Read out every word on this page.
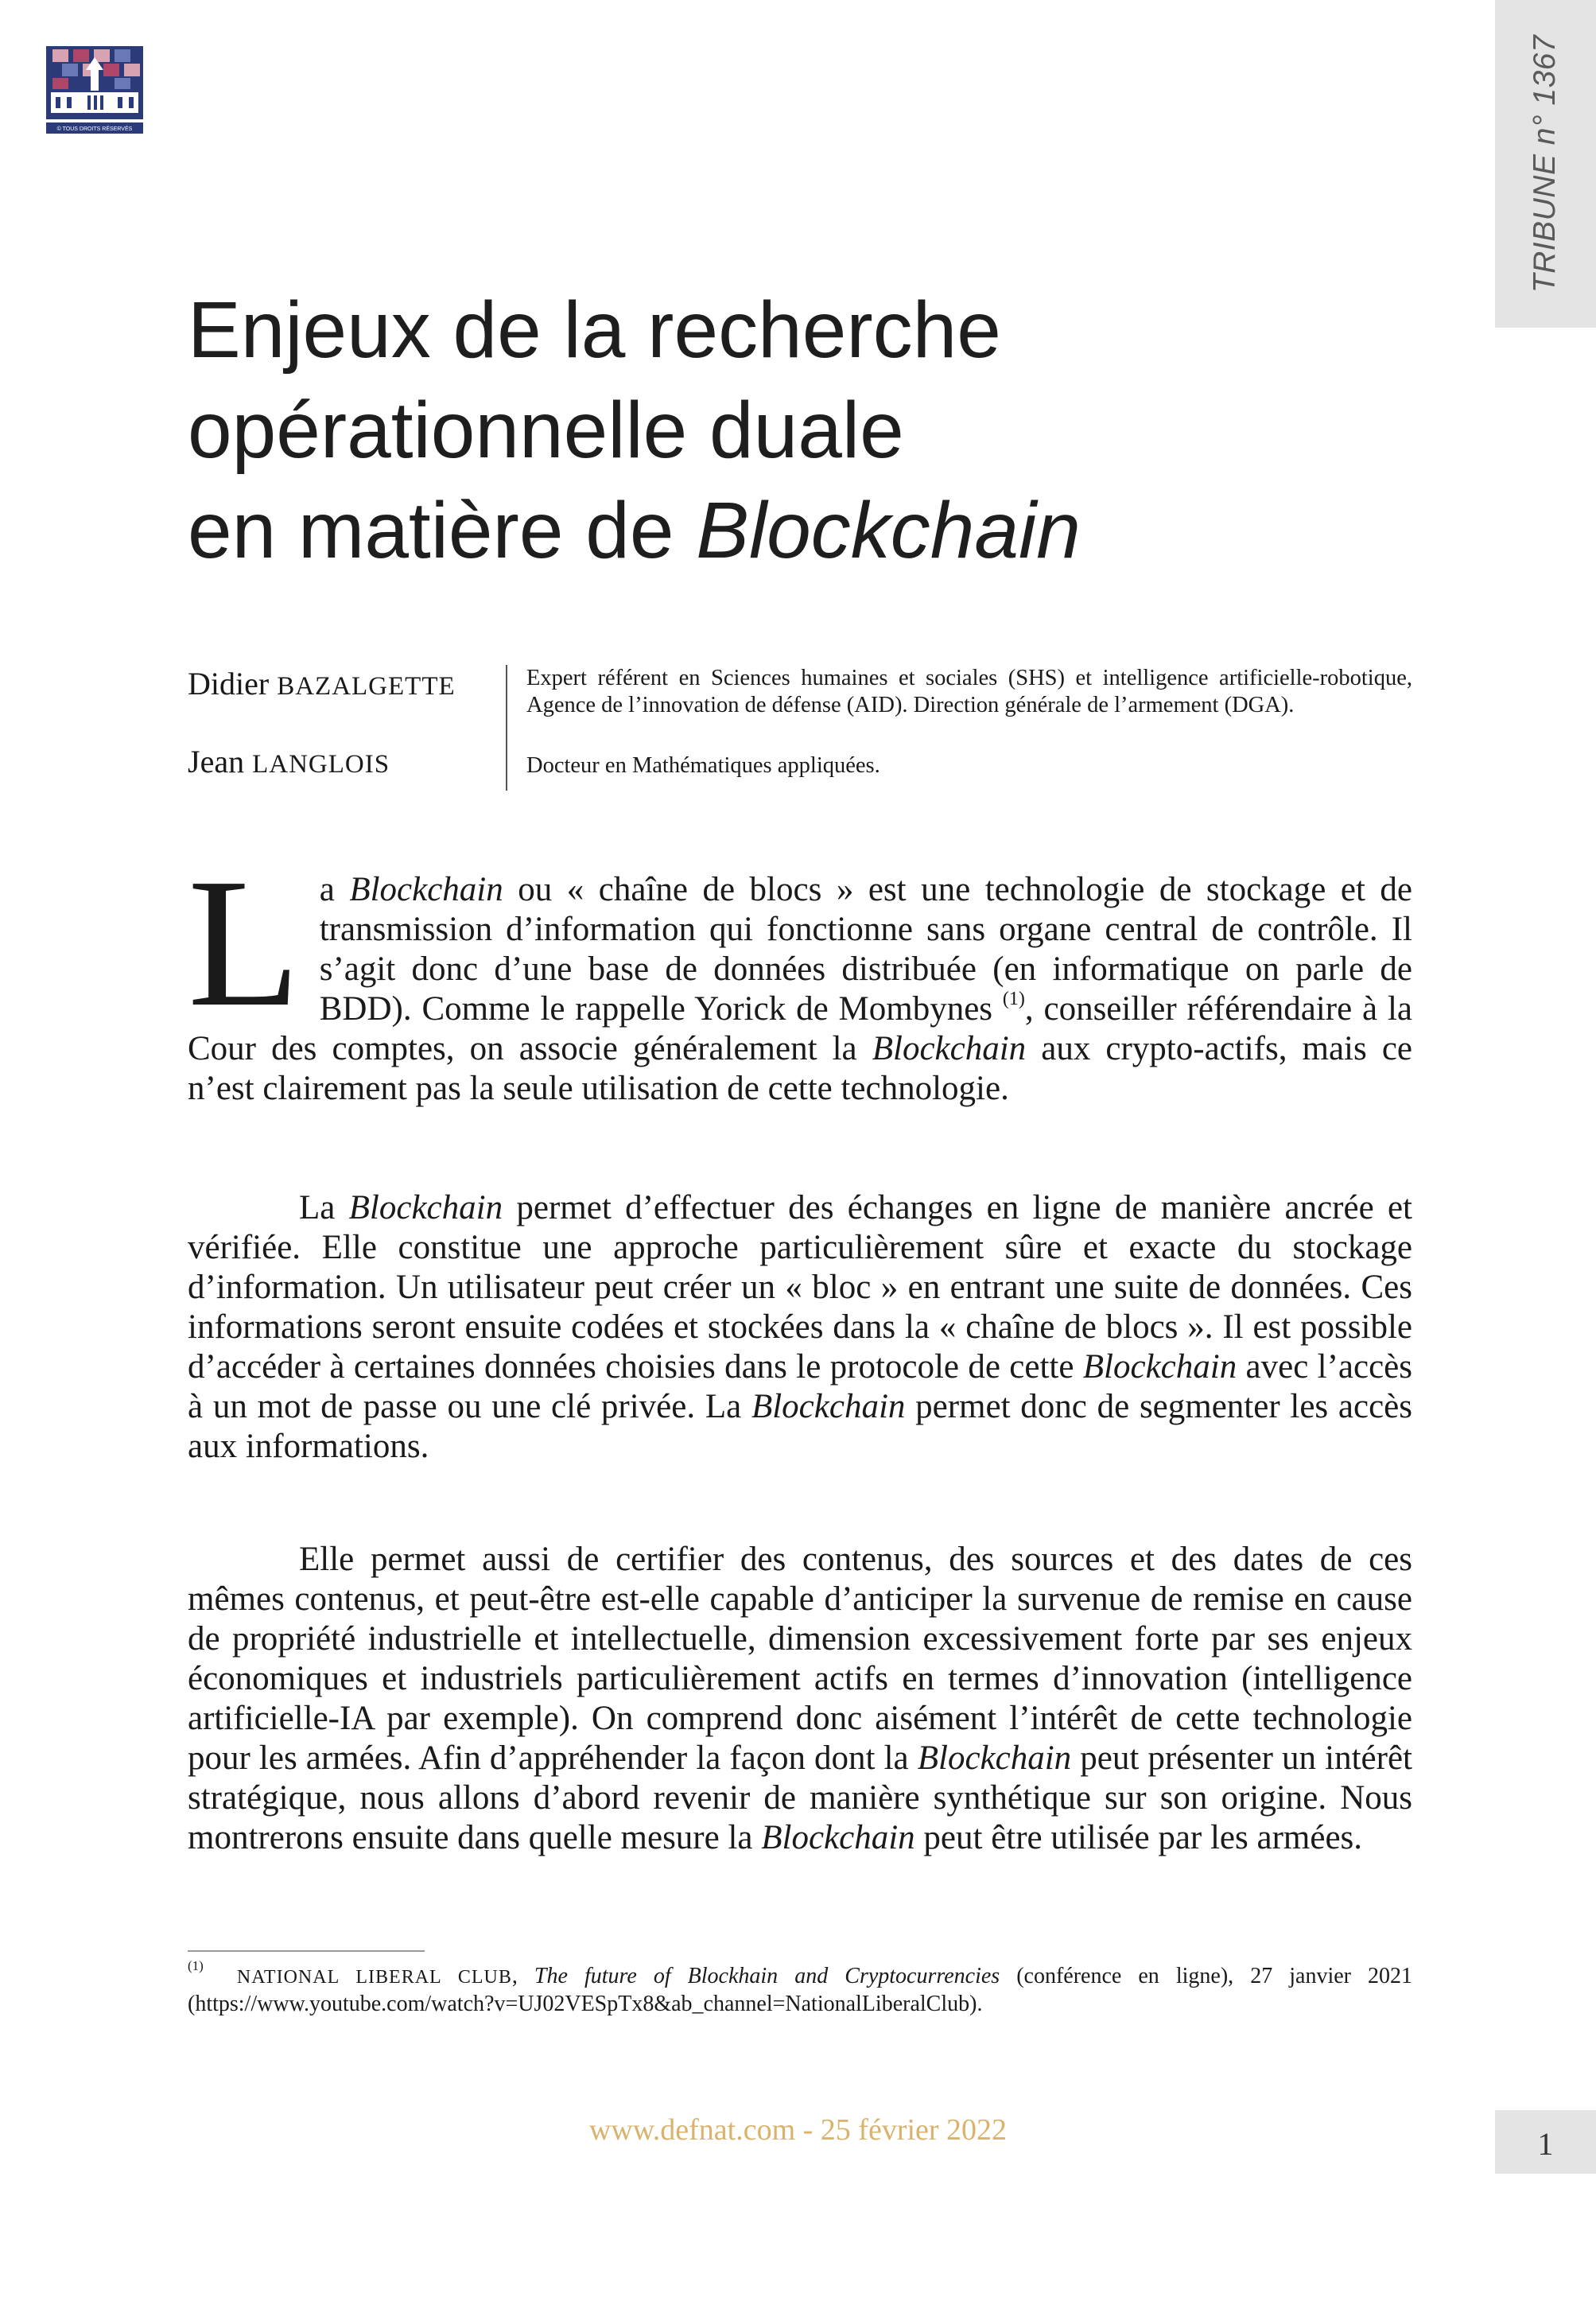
© TOUS DROITS RÉSERVÉS	TRIBUNE n° 1367
Enjeux de la recherche
opérationnelle duale
en matière de Blockchain
Didier BAZALGETTE
Jean LANGLOIS
Expert référent en Sciences humaines et sociales (SHS) et intelligence artificielle-robotique, Agence de l’innovation de défense (AID). Direction générale de l’armement (DGA).
Docteur en Mathématiques appliquées.

La Blockchain ou « chaîne de blocs » est une technologie de stockage et de transmission d’information qui fonctionne sans organe central de contrôle. Il s’agit donc d’une base de données distribuée (en informatique on parle de BDD). Comme le rappelle Yorick de Mombynes $^{(1)}$, conseiller référendaire à la Cour des comptes, on associe généralement la Blockchain aux crypto-actifs, mais ce n’est clairement pas la seule utilisation de cette technologie.

La Blockchain permet d’effectuer des échanges en ligne de manière ancrée et vérifiée. Elle constitue une approche particulièrement sûre et exacte du stockage d’information. Un utilisateur peut créer un « bloc » en entrant une suite de données. Ces informations seront ensuite codées et stockées dans la « chaîne de blocs ». Il est possible d’accéder à certaines données choisies dans le protocole de cette Blockchain avec l’accès à un mot de passe ou une clé privée. La Blockchain permet donc de segmenter les accès aux informations.

Elle permet aussi de certifier des contenus, des sources et des dates de ces mêmes contenus, et peut-être est-elle capable d’anticiper la survenue de remise en cause de propriété industrielle et intellectuelle, dimension excessivement forte par ses enjeux économiques et industriels particulièrement actifs en termes d’innovation (intelligence artificielle-IA par exemple). On comprend donc aisément l’intérêt de cette technologie pour les armées. Afin d’appréhender la façon dont la Blockchain peut présenter un intérêt stratégique, nous allons d’abord revenir de manière synthétique sur son origine. Nous montrerons ensuite dans quelle mesure la Blockchain peut être utilisée par les armées.

$^{(1)}$  NATIONAL LIBERAL CLUB, The future of Blockhain and Cryptocurrencies (conférence en ligne), 27 janvier 2021 (https://www.youtube.com/watch?v=UJ02VESpTx8&ab_channel=NationalLiberalClub).
www.defnat.com - 25 février 2022	1
